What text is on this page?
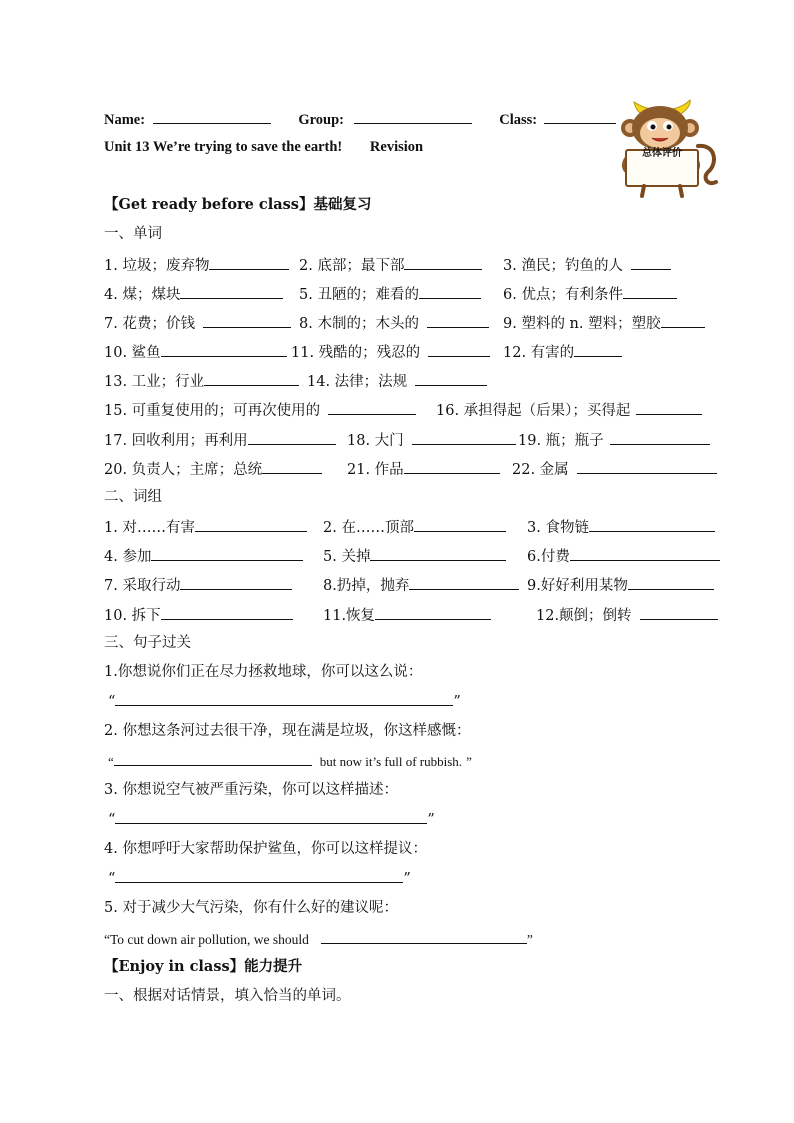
Name:	Group:	Class:
Unit 13 We’re trying to save the earth! Revision	总体评价
【Get ready before class】基础复习
一、单词
1. 垃圾；废弃物	2. 底部；最下部	3. 渔民；钓鱼的人
4. 煤；煤块	5. 丑陋的；难看的	6. 优点；有利条件
7. 花费；价钱	8. 木制的；木头的	9. 塑料的 n. 塑料；塑胶
10. 鲨鱼	11. 残酷的；残忍的	12. 有害的
13. 工业；行业	14. 法律；法规
15. 可重复使用的；可再次使用的	16. 承担得起（后果）；买得起
17. 回收利用；再利用	18. 大门	19. 瓶；瓶子
20. 负责人；主席；总统	21. 作品	22. 金属
二、词组
1. 对……有害	2. 在……顶部	3. 食物链
4. 参加	5. 关掉	6.付费
7. 采取行动	8.扔掉，抛弃	9.好好利用某物
10. 拆下	11.恢复	12.颠倒；倒转
三、句子过关
1.你想说你们正在尽力拯救地球，你可以这么说：
“	”
2. 你想这条河过去很干净，现在满是垃圾，你这样感慨：
“	but now it’s full of rubbish. ”
3. 你想说空气被严重污染，你可以这样描述：
“	”
4. 你想呼吁大家帮助保护鲨鱼，你可以这样提议：
“	”
5. 对于减少大气污染，你有什么好的建议呢：
“To cut down air pollution, we should	”
【Enjoy in class】能力提升
一、根据对话情景，填入恰当的单词。
